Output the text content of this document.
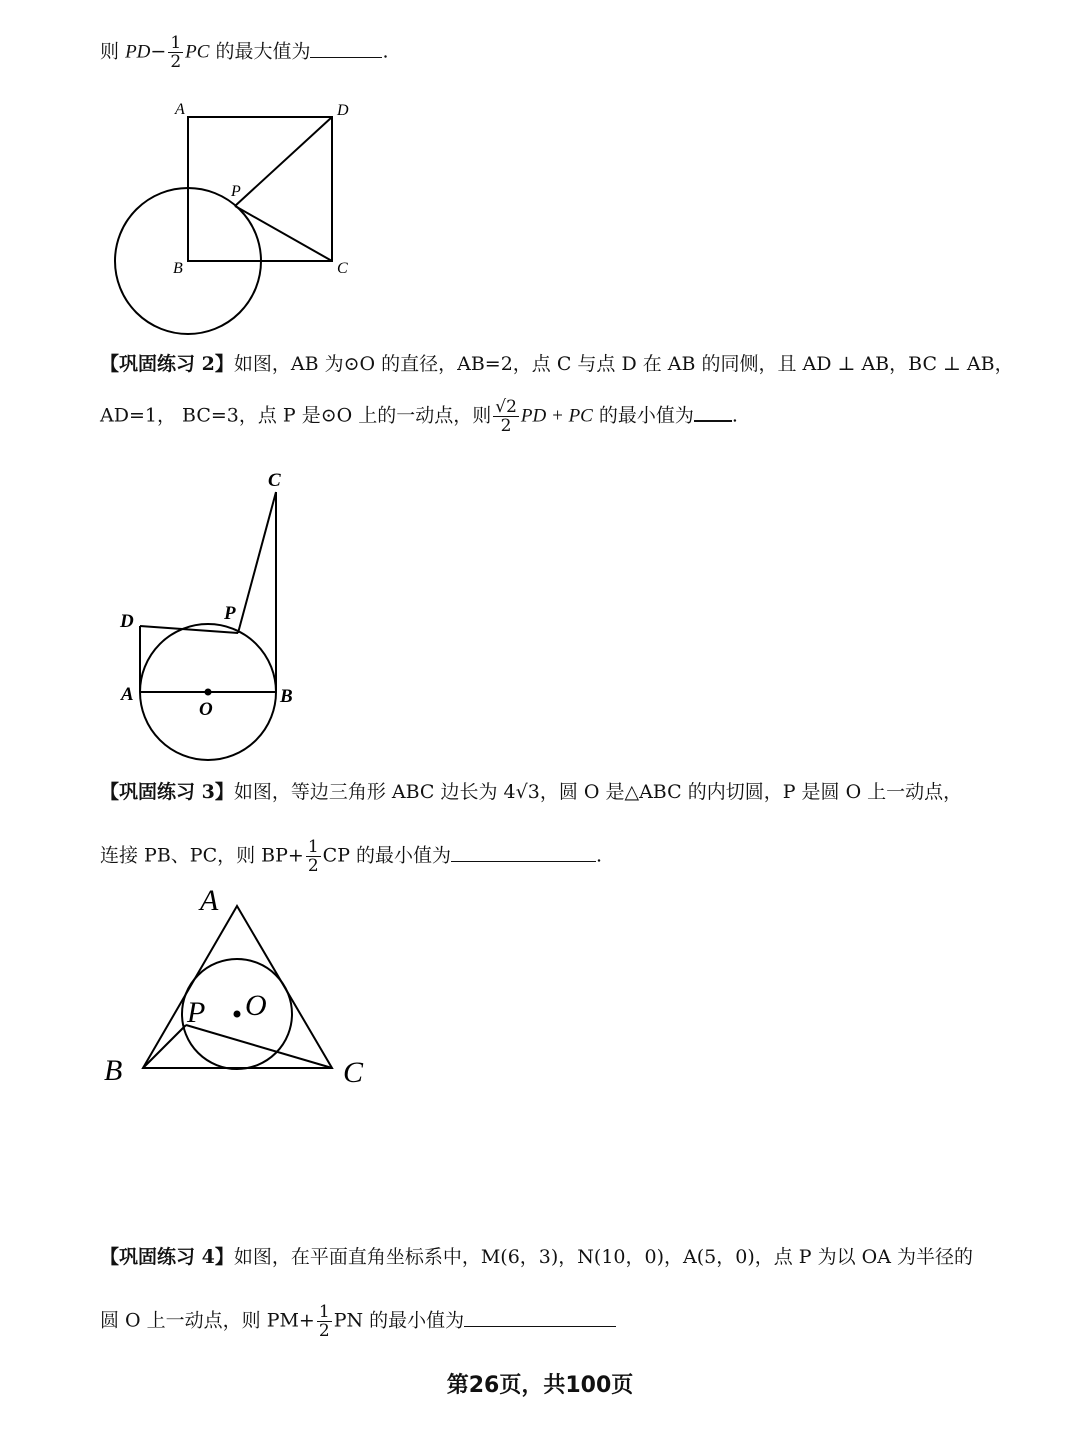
则 $PD- \frac{1}{2}$ PC 的最大值为	.
A	D
P
B	C
【巩固练习 2】如图，AB 为⊙O 的直径，AB=2，点 C 与点 D 在 AB 的同侧，且 AD ⊥ AB，BC ⊥ AB，
AD=1， BC=3，点 P 是⊙O 上的一动点，则 $\frac{√2}{2}$ PD + PC 的最小值为 .
C
D	P
A
O
B
【巩固练习 3】如图，等边三角形 ABC 边长为 4√3，圆 O 是△ABC 的内切圆，P 是圆 O 上一动点，
连接 PB、PC，则 $BP+ \frac{1}{2}$ CP 的最小值为	.
A
O
P
B	C
【巩固练习 4】如图，在平面直角坐标系中，M(6，3)，N(10，0)，A(5，0)，点 P 为以 OA 为半径的
圆 O 上一动点，则 $PM+ \frac{1}{2}$ PN 的最小值为
第26页，共100页
